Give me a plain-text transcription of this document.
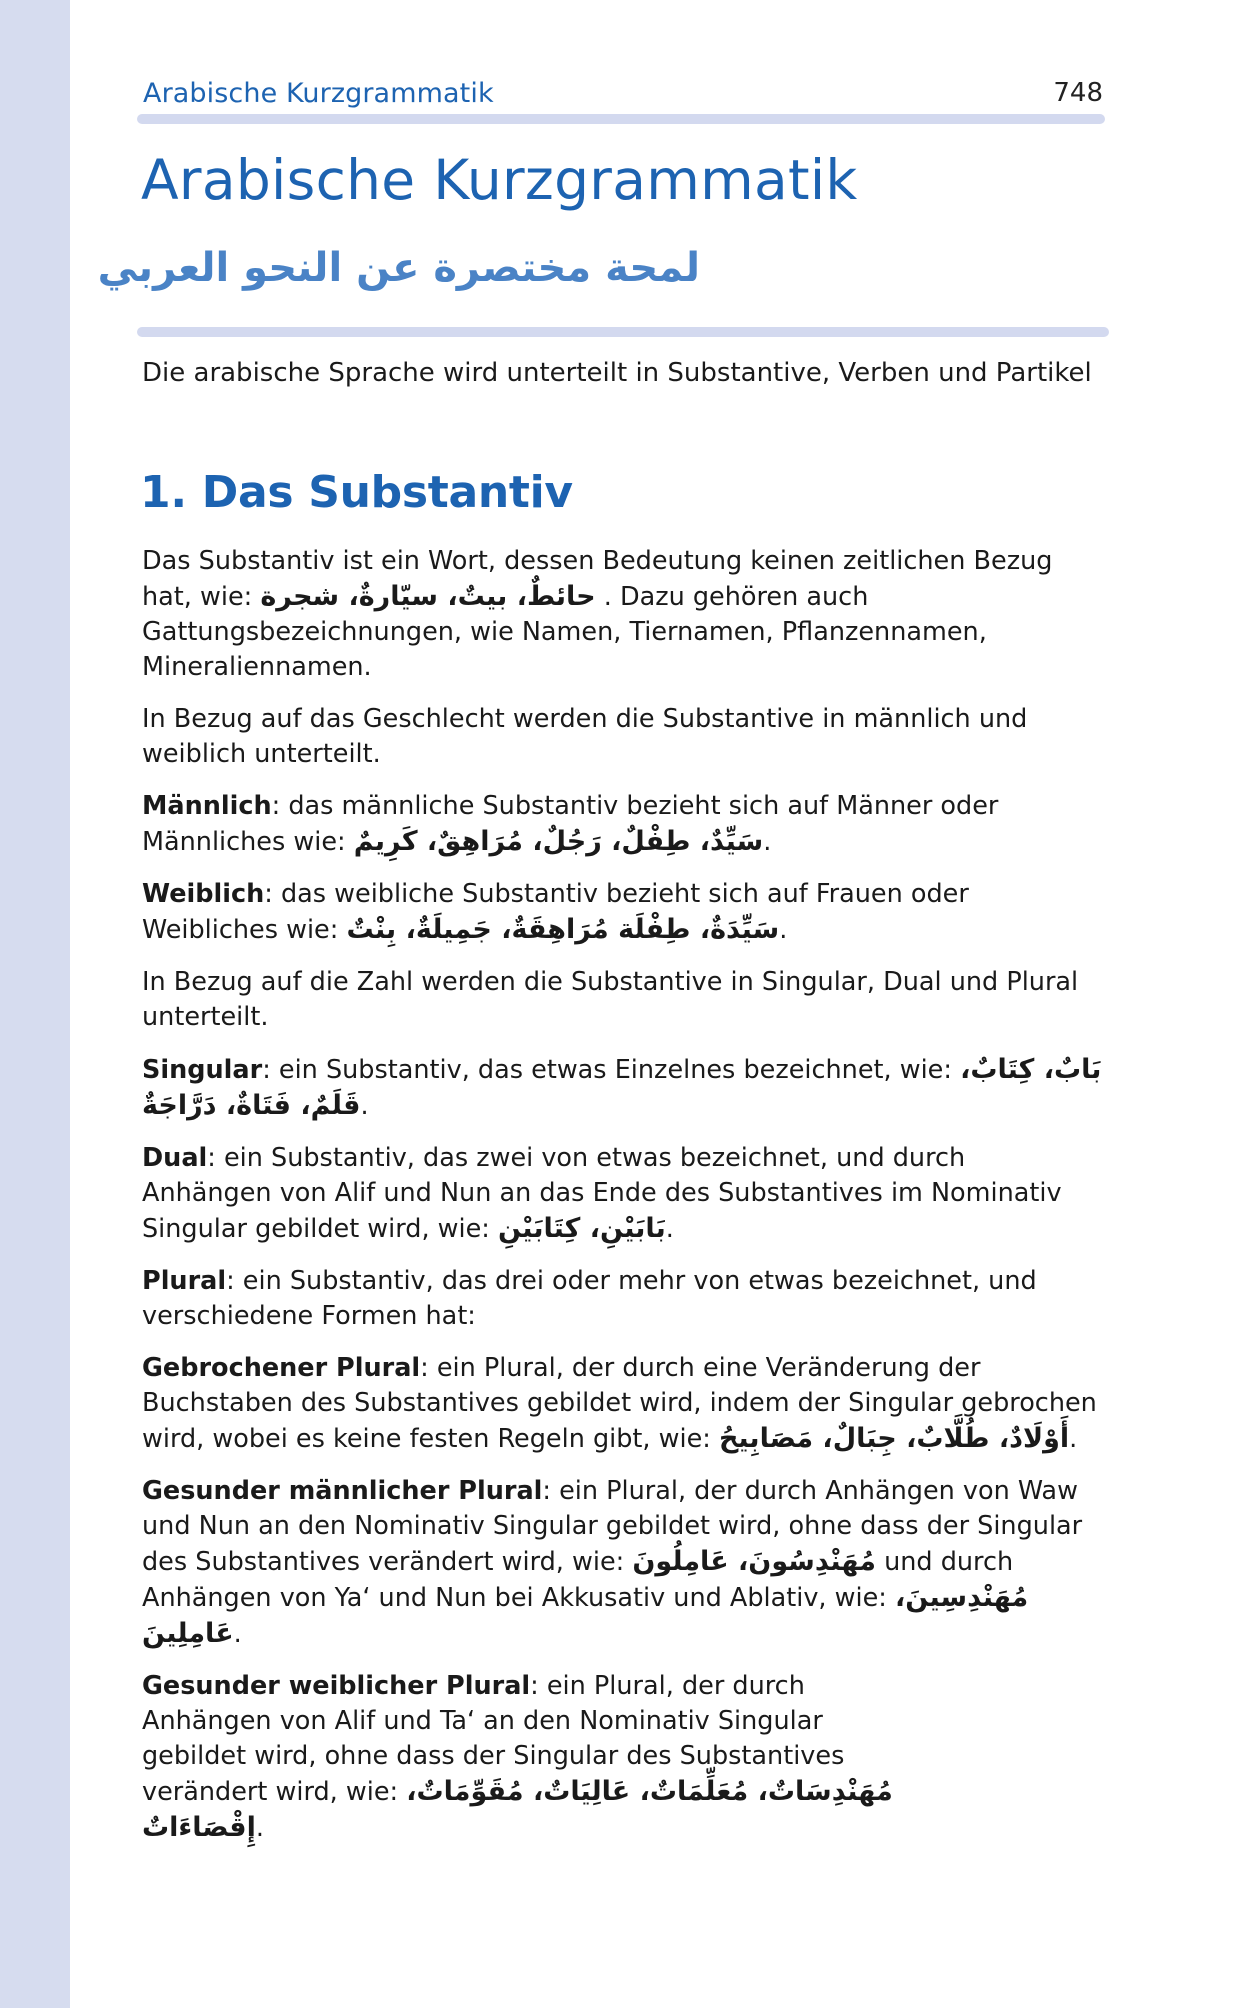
Arabische Kurzgrammatik	748
Arabische Kurzgrammatik
لمحة مختصرة عن النحو العربي

Die arabische Sprache wird unterteilt in Substantive, Verben und Partikel

1. Das Substantiv

Das Substantiv ist ein Wort, dessen Bedeutung keinen zeitlichen Bezug hat, wie: حائطٌ، بيتٌ، سيّارةٌ، شجرة . Dazu gehören auch Gattungsbezeichnungen, wie Namen, Tiernamen, Pflanzennamen, Mineraliennamen.

In Bezug auf das Geschlecht werden die Substantive in männlich und weiblich unterteilt.

Männlich: das männliche Substantiv bezieht sich auf Männer oder Männliches wie: سَيِّدٌ، طِفْلٌ، رَجُلٌ، مُرَاهِقٌ، كَرِيمٌ.

Weiblich: das weibliche Substantiv bezieht sich auf Frauen oder Weibliches wie: سَيِّدَةٌ، طِفْلَة مُرَاهِقَةٌ، جَمِيلَةٌ، بِنْتٌ.

In Bezug auf die Zahl werden die Substantive in Singular, Dual und Plural unterteilt.

Singular: ein Substantiv, das etwas Einzelnes bezeichnet, wie: بَابٌ، كِتَابٌ، قَلَمٌ، فَتَاةٌ، دَرَّاجَةٌ.

Dual: ein Substantiv, das zwei von etwas bezeichnet, und durch Anhängen von Alif und Nun an das Ende des Substantives im Nominativ Singular gebildet wird, wie: بَابَيْنِ، كِتَابَيْنِ.

Plural: ein Substantiv, das drei oder mehr von etwas bezeichnet, und verschiedene Formen hat:

Gebrochener Plural: ein Plural, der durch eine Veränderung der Buchstaben des Substantives gebildet wird, indem der Singular gebrochen wird, wobei es keine festen Regeln gibt, wie: أَوْلَادٌ، طُلَّابٌ، جِبَالٌ، مَصَابِيحُ.

Gesunder männlicher Plural: ein Plural, der durch Anhängen von Waw und Nun an den Nominativ Singular gebildet wird, ohne dass der Singular des Substantives verändert wird, wie: مُهَنْدِسُونَ، عَامِلُونَ und durch Anhängen von Ya‘ und Nun bei Akkusativ und Ablativ, wie: مُهَنْدِسِينَ، عَامِلِينَ.

Gesunder weiblicher Plural: ein Plural, der durch Anhängen von Alif und Ta‘ an den Nominativ Singular gebildet wird, ohne dass der Singular des Substantives verändert wird, wie: مُهَنْدِسَاتٌ، مُعَلِّمَاتٌ، عَالِيَاتٌ، مُقَوِّمَاتٌ، إِقْصَاءَاتٌ.
